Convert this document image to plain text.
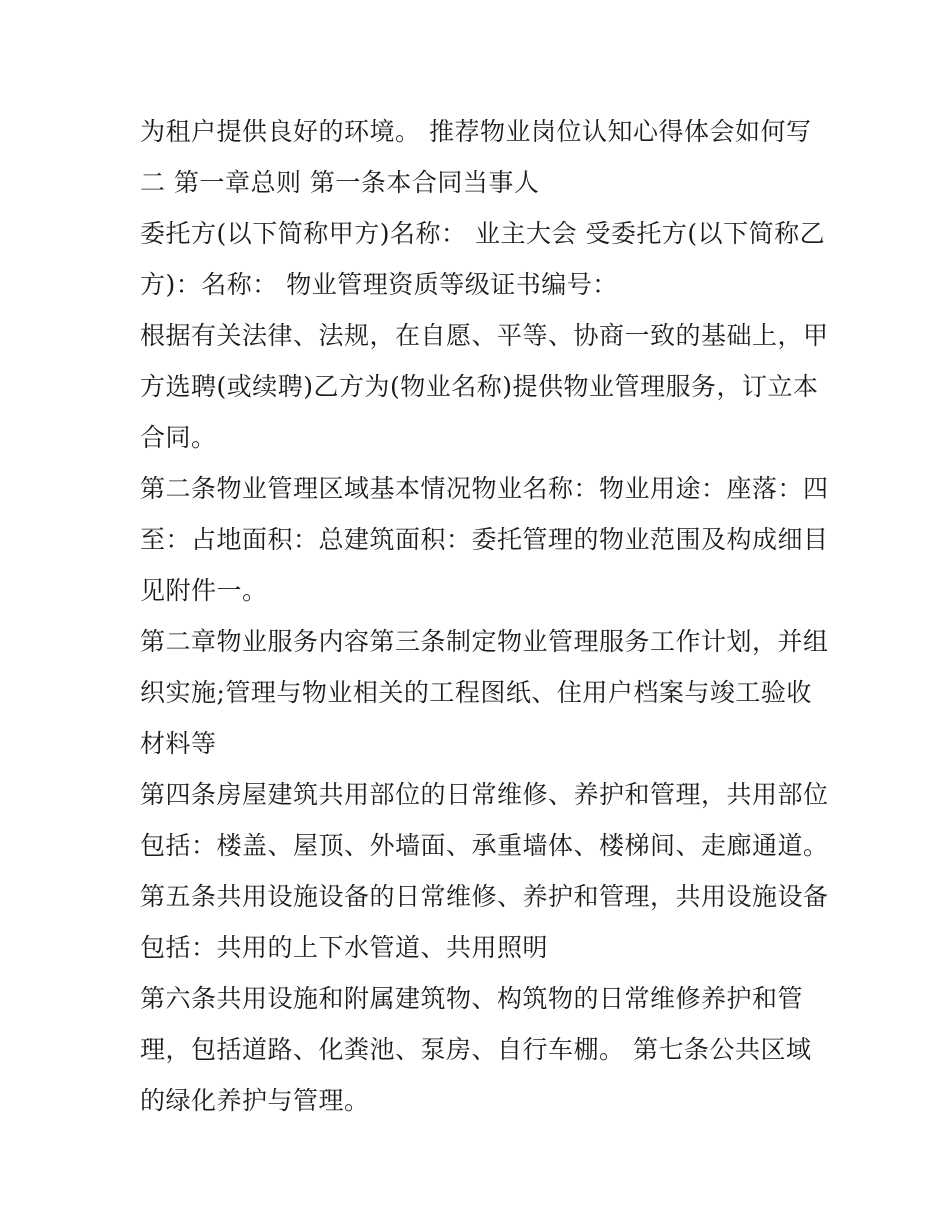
为租户提供良好的环境。 推荐物业岗位认知心得体会如何写
二 第一章总则 第一条本合同当事人
委托方(以下简称甲方)名称： 业主大会 受委托方(以下简称乙
方)：名称： 物业管理资质等级证书编号：
根据有关法律、法规，在自愿、平等、协商一致的基础上，甲
方选聘(或续聘)乙方为(物业名称)提供物业管理服务，订立本
合同。
第二条物业管理区域基本情况物业名称：物业用途：座落：四
至：占地面积：总建筑面积：委托管理的物业范围及构成细目
见附件一。
第二章物业服务内容第三条制定物业管理服务工作计划，并组
织实施;管理与物业相关的工程图纸、住用户档案与竣工验收
材料等
第四条房屋建筑共用部位的日常维修、养护和管理，共用部位
包括：楼盖、屋顶、外墙面、承重墙体、楼梯间、走廊通道。
第五条共用设施设备的日常维修、养护和管理，共用设施设备
包括：共用的上下水管道、共用照明
第六条共用设施和附属建筑物、构筑物的日常维修养护和管
理，包括道路、化粪池、泵房、自行车棚。 第七条公共区域
的绿化养护与管理。
